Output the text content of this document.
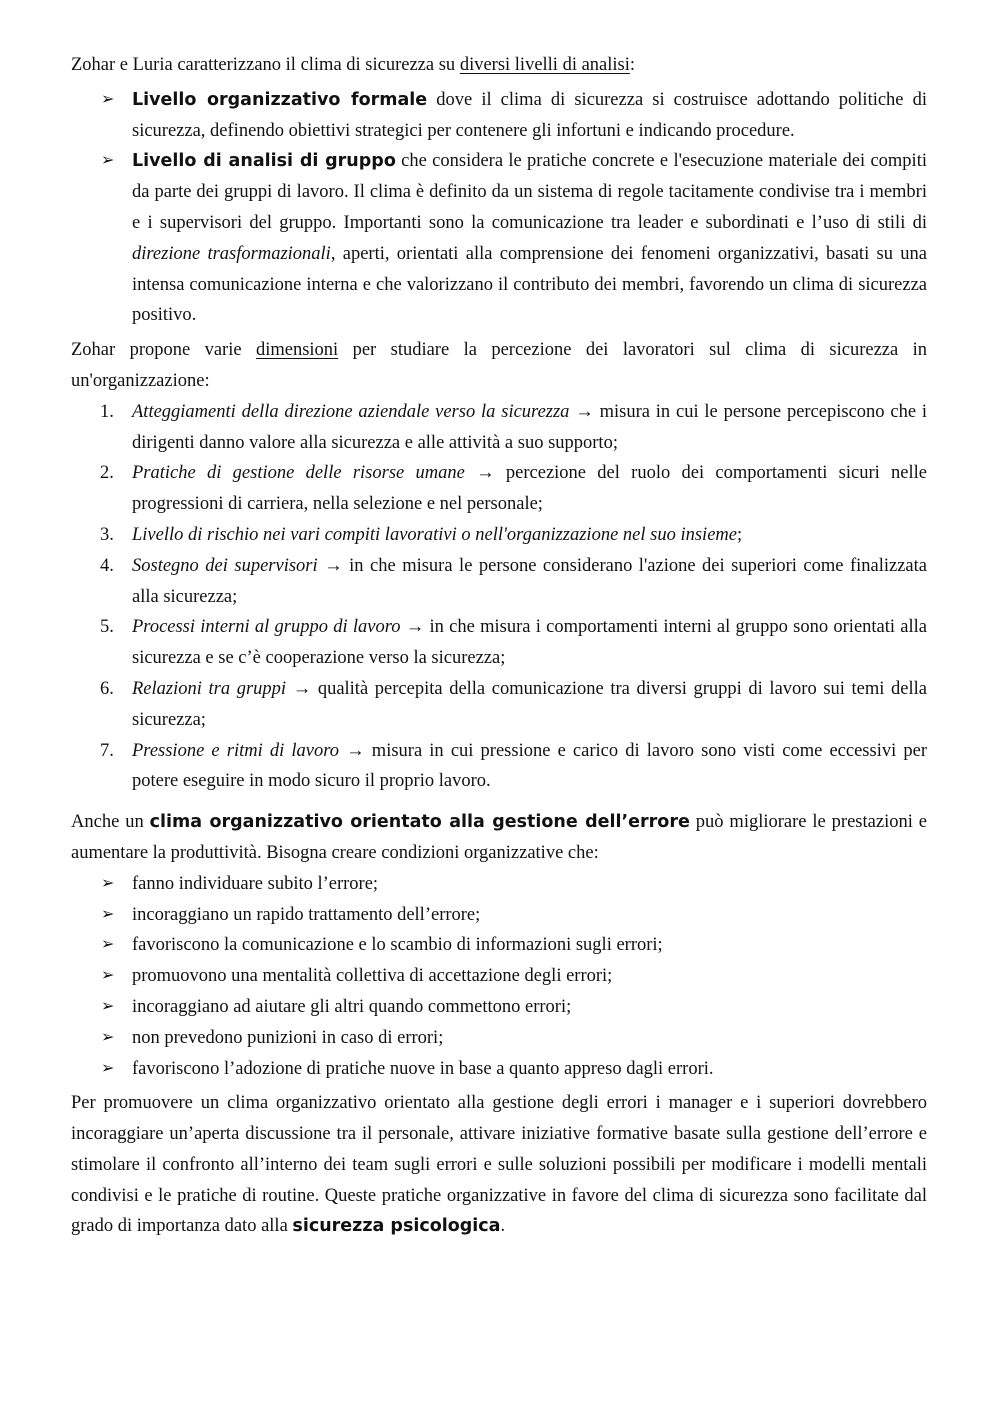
Zohar e Luria caratterizzano il clima di sicurezza su diversi livelli di analisi:

➢ Livello organizzativo formale dove il clima di sicurezza si costruisce adottando politiche di sicurezza, definendo obiettivi strategici per contenere gli infortuni e indicando procedure.
➢ Livello di analisi di gruppo che considera le pratiche concrete e l'esecuzione materiale dei compiti da parte dei gruppi di lavoro. Il clima è definito da un sistema di regole tacitamente condivise tra i membri e i supervisori del gruppo. Importanti sono la comunicazione tra leader e subordinati e l’uso di stili di direzione trasformazionali, aperti, orientati alla comprensione dei fenomeni organizzativi, basati su una intensa comunicazione interna e che valorizzano il contributo dei membri, favorendo un clima di sicurezza positivo.

Zohar propone varie dimensioni per studiare la percezione dei lavoratori sul clima di sicurezza in un'organizzazione:

1. Atteggiamenti della direzione aziendale verso la sicurezza → misura in cui le persone percepiscono che i dirigenti danno valore alla sicurezza e alle attività a suo supporto;
2. Pratiche di gestione delle risorse umane → percezione del ruolo dei comportamenti sicuri nelle progressioni di carriera, nella selezione e nel personale;
3. Livello di rischio nei vari compiti lavorativi o nell'organizzazione nel suo insieme;
4. Sostegno dei supervisori → in che misura le persone considerano l'azione dei superiori come finalizzata alla sicurezza;
5. Processi interni al gruppo di lavoro → in che misura i comportamenti interni al gruppo sono orientati alla sicurezza e se c’è cooperazione verso la sicurezza;
6. Relazioni tra gruppi → qualità percepita della comunicazione tra diversi gruppi di lavoro sui temi della sicurezza;
7. Pressione e ritmi di lavoro → misura in cui pressione e carico di lavoro sono visti come eccessivi per potere eseguire in modo sicuro il proprio lavoro.

Anche un clima organizzativo orientato alla gestione dell’errore può migliorare le prestazioni e aumentare la produttività. Bisogna creare condizioni organizzative che:

➢ fanno individuare subito l’errore;
➢ incoraggiano un rapido trattamento dell’errore;
➢ favoriscono la comunicazione e lo scambio di informazioni sugli errori;
➢ promuovono una mentalità collettiva di accettazione degli errori;
➢ incoraggiano ad aiutare gli altri quando commettono errori;
➢ non prevedono punizioni in caso di errori;
➢ favoriscono l’adozione di pratiche nuove in base a quanto appreso dagli errori.

Per promuovere un clima organizzativo orientato alla gestione degli errori i manager e i superiori dovrebbero incoraggiare un’aperta discussione tra il personale, attivare iniziative formative basate sulla gestione dell’errore e stimolare il confronto all’interno dei team sugli errori e sulle soluzioni possibili per modificare i modelli mentali condivisi e le pratiche di routine. Queste pratiche organizzative in favore del clima di sicurezza sono facilitate dal grado di importanza dato alla sicurezza psicologica.
